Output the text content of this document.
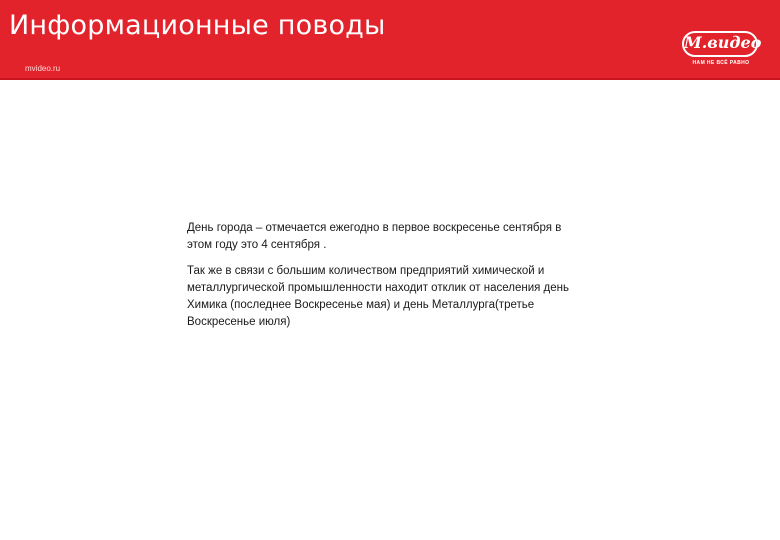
Информационные поводы
mvideo.ru
M.видео
НАМ НЕ ВСЁ РАВНО

День города – отмечается ежегодно в первое воскресенье сентября в
этом году это 4 сентября .

Так же в связи с большим количеством предприятий химической и
металлургической промышленности находит отклик от населения день
Химика (последнее Воскресенье мая) и день Металлурга(третье
Воскресенье июля)
